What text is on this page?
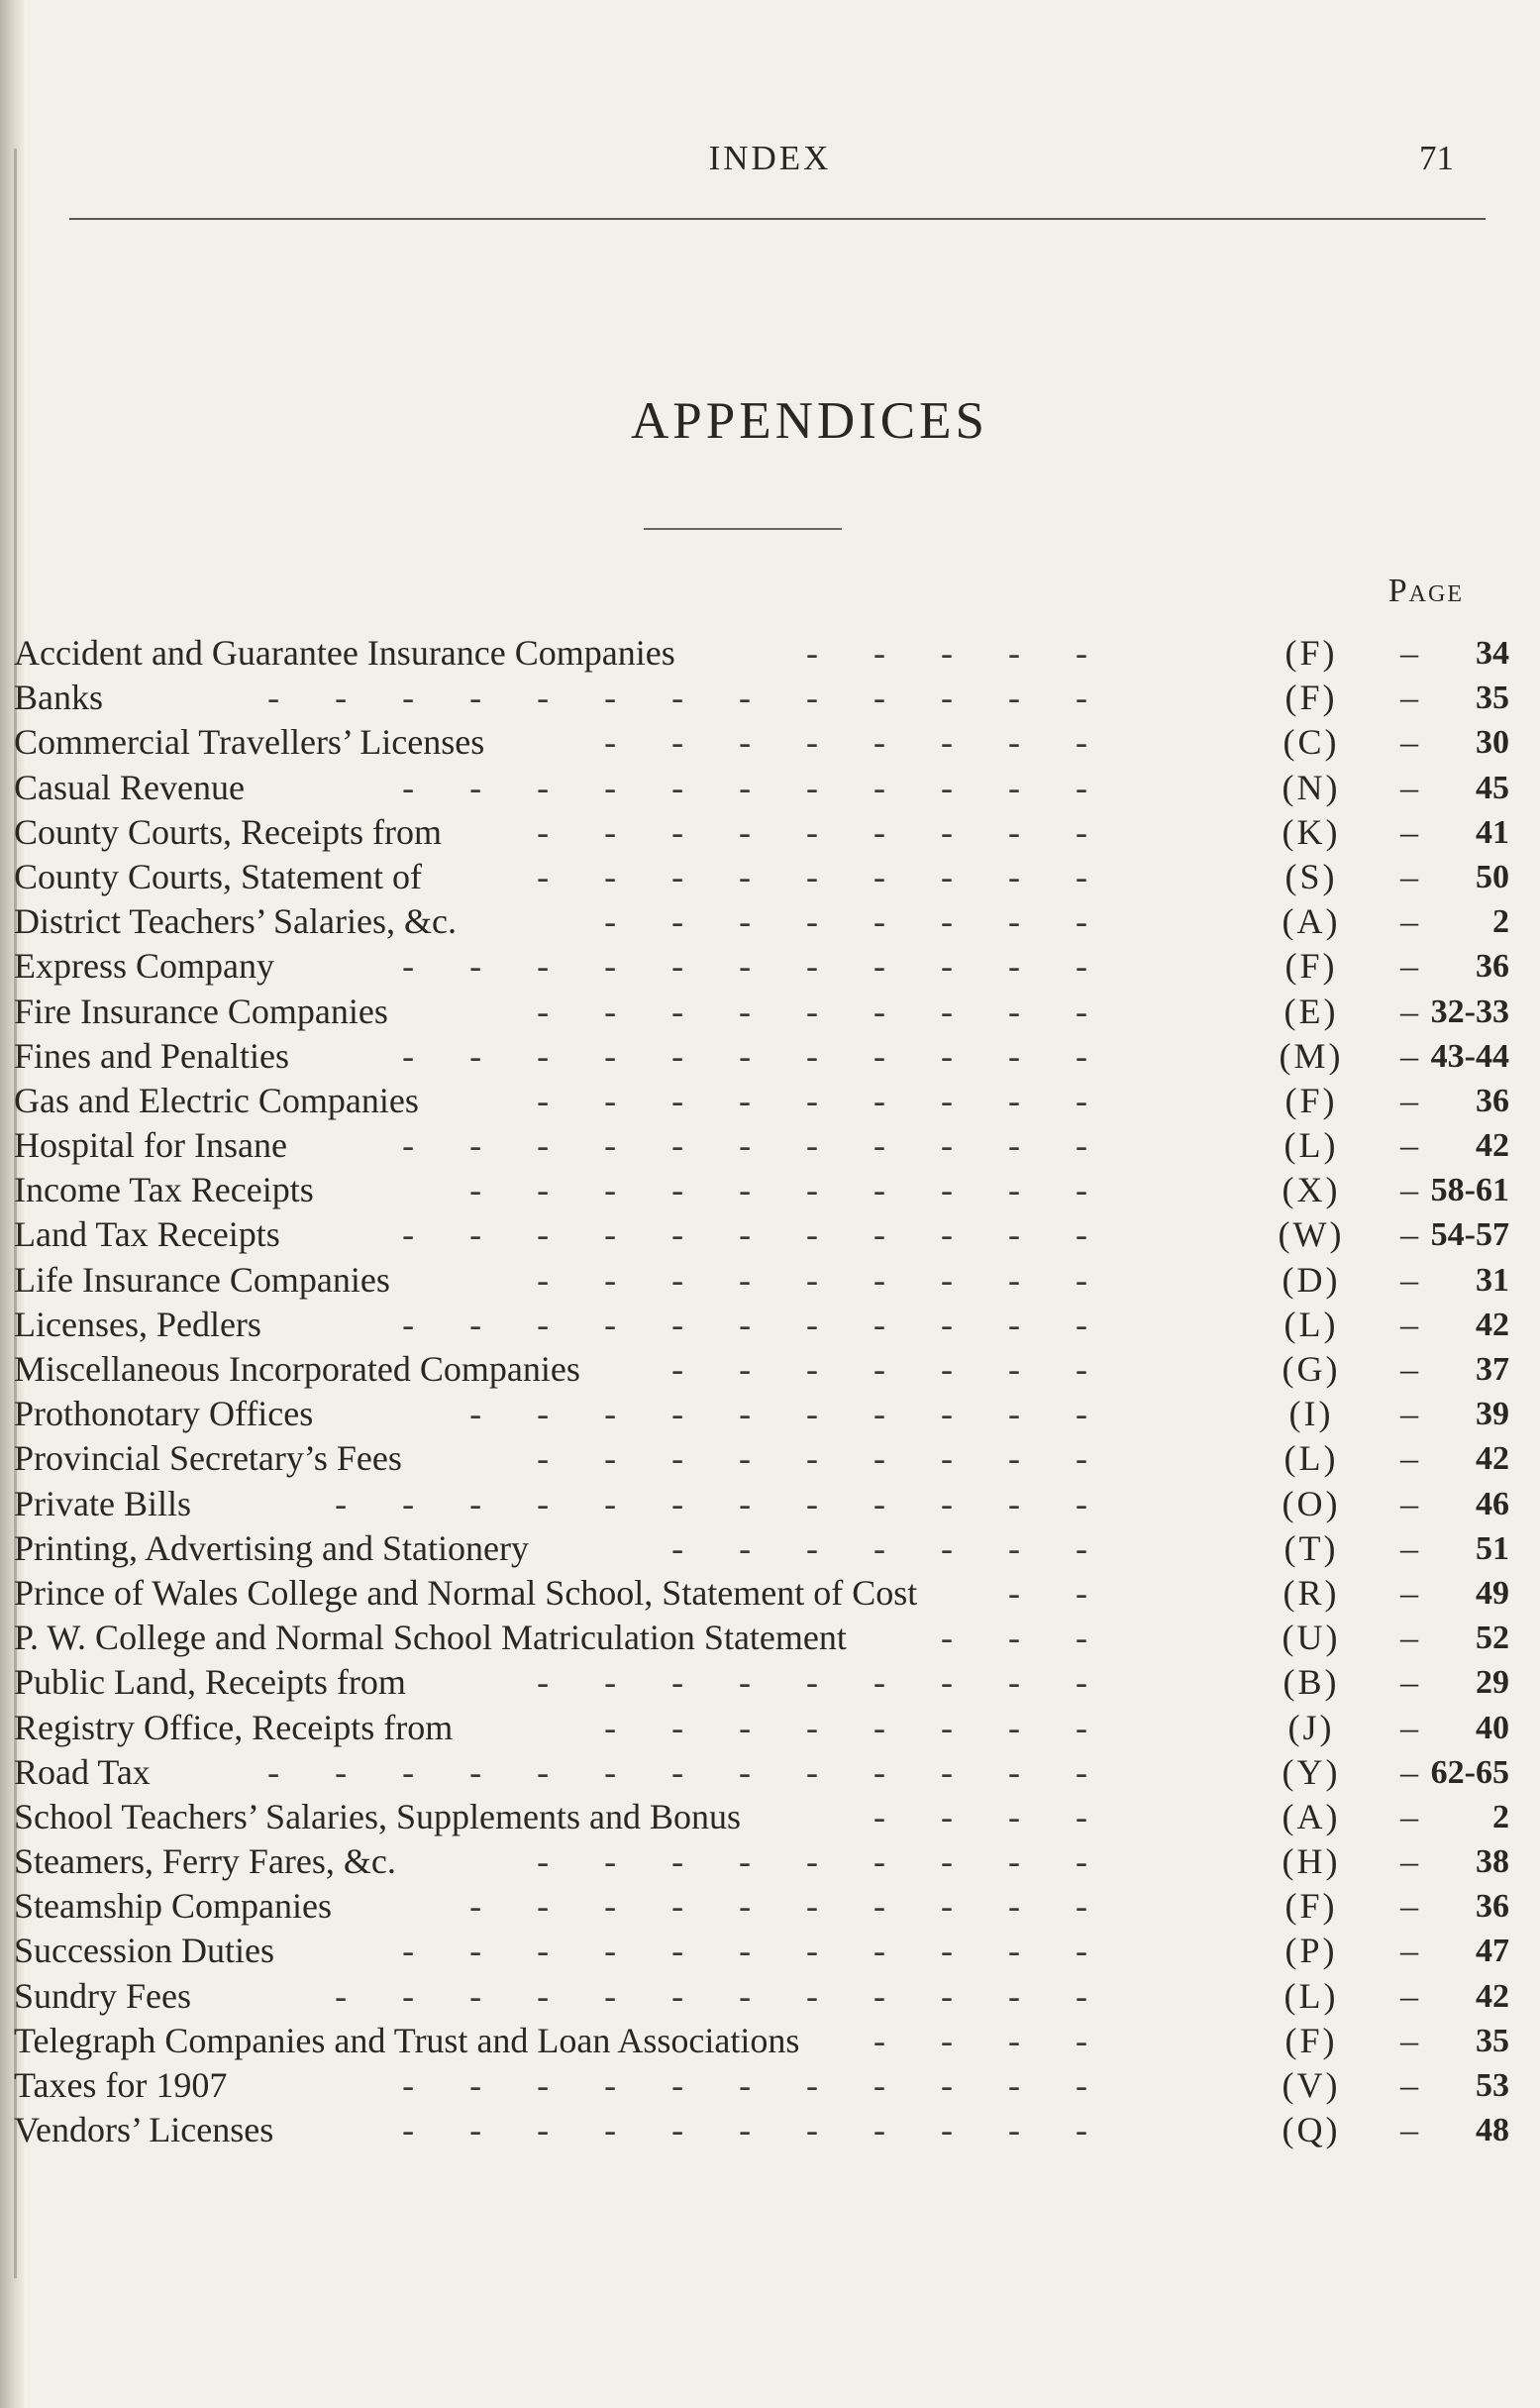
INDEX	71
APPENDICES
Page
Accident and Guarantee Insurance Companies	-----	(F)	–	34
Banks	-------------	(F)	–	35
Commercial Travellers’ Licenses	--------	(C)	–	30
Casual Revenue	-----------	(N)	–	45
County Courts, Receipts from	---------	(K)	–	41
County Courts, Statement of	---------	(S)	–	50
District Teachers’ Salaries, &c.	--------	(A)	–	2
Express Company	-----------	(F)	–	36
Fire Insurance Companies	---------	(E)	– 32-33
Fines and Penalties	-----------	(M)	– 43-44
Gas and Electric Companies	---------	(F)	–	36
Hospital for Insane	-----------	(L)	–	42
Income Tax Receipts	----------	(X)	– 58-61
Land Tax Receipts	-----------	(W)	– 54-57
Life Insurance Companies	---------	(D)	–	31
Licenses, Pedlers	-----------	(L)	–	42
Miscellaneous Incorporated Companies	-------	(G)	–	37
Prothonotary Offices	----------	(I)	–	39
Provincial Secretary’s Fees	---------	(L)	–	42
Private Bills	------------	(O)	–	46
Printing, Advertising and Stationery	-------	(T)	–	51
Prince of Wales College and Normal School, Statement of Cost	--	(R)	–	49
P. W. College and Normal School Matriculation Statement	---	(U)	–	52
Public Land, Receipts from	---------	(B)	–	29
Registry Office, Receipts from	--------	(J)	–	40
Road Tax	-------------	(Y)	– 62-65
School Teachers’ Salaries, Supplements and Bonus	----	(A)	–	2
Steamers, Ferry Fares, &c.	---------	(H)	–	38
Steamship Companies	----------	(F)	–	36
Succession Duties	-----------	(P)	–	47
Sundry Fees	------------	(L)	–	42
Telegraph Companies and Trust and Loan Associations	----	(F)	–	35
Taxes for 1907	-----------	(V)	–	53
Vendors’ Licenses	-----------	(Q)	–	48
